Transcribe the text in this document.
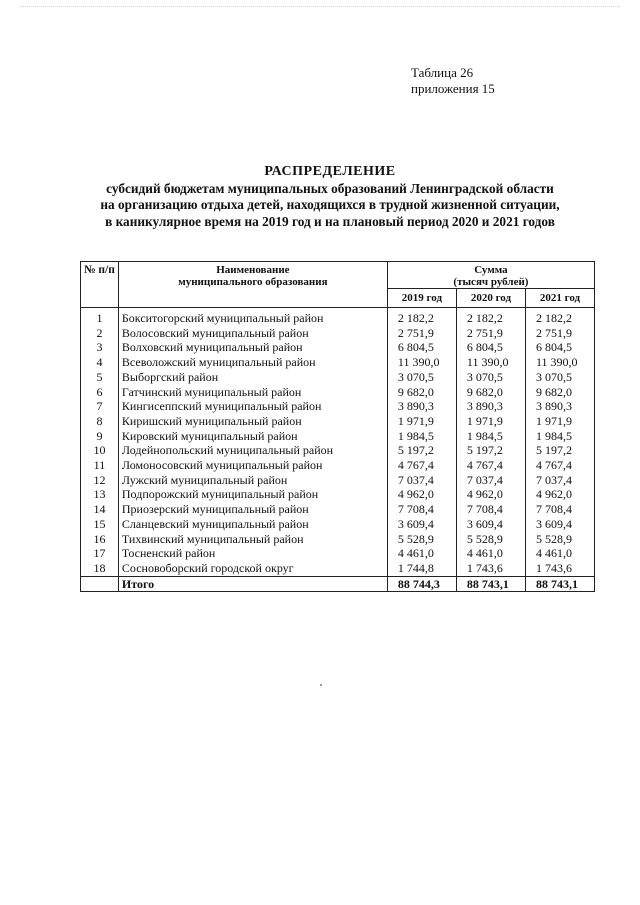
Таблица 26
приложения 15
РАСПРЕДЕЛЕНИЕ
субсидий бюджетам муниципальных образований Ленинградской области
на организацию отдыха детей, находящихся в трудной жизненной ситуации,
в каникулярное время на 2019 год и на плановый период 2020 и 2021 годов
№ п/п	Наименование муниципального образования	Сумма
(тысяч рублей)		

		2019 год	2020 год	2021 год
1	Бокситогорский муниципальный район	2 182,2	2 182,2	2 182,2
2	Волосовский муниципальный район	2 751,9	2 751,9	2 751,9
3	Волховский муниципальный район	6 804,5	6 804,5	6 804,5
4	Всеволожский муниципальный район	11 390,0	11 390,0	11 390,0
5	Выборгский район	3 070,5	3 070,5	3 070,5
6	Гатчинский муниципальный район	9 682,0	9 682,0	9 682,0
7	Кингисеппский муниципальный район	3 890,3	3 890,3	3 890,3
8	Киришский муниципальный район	1 971,9	1 971,9	1 971,9
9	Кировский муниципальный район	1 984,5	1 984,5	1 984,5
10	Лодейнопольский муниципальный район	5 197,2	5 197,2	5 197,2
11	Ломоносовский муниципальный район	4 767,4	4 767,4	4 767,4
12	Лужский муниципальный район	7 037,4	7 037,4	7 037,4
13	Подпорожский муниципальный район	4 962,0	4 962,0	4 962,0
14	Приозерский муниципальный район	7 708,4	7 708,4	7 708,4
15	Сланцевский муниципальный район	3 609,4	3 609,4	3 609,4
16	Тихвинский муниципальный район	5 528,9	5 528,9	5 528,9
17	Тосненский район	4 461,0	4 461,0	4 461,0
18	Сосновоборский городской округ	1 744,8	1 743,6	1 743,6
	Итого	88 744,3	88 743,1	88 743,1
